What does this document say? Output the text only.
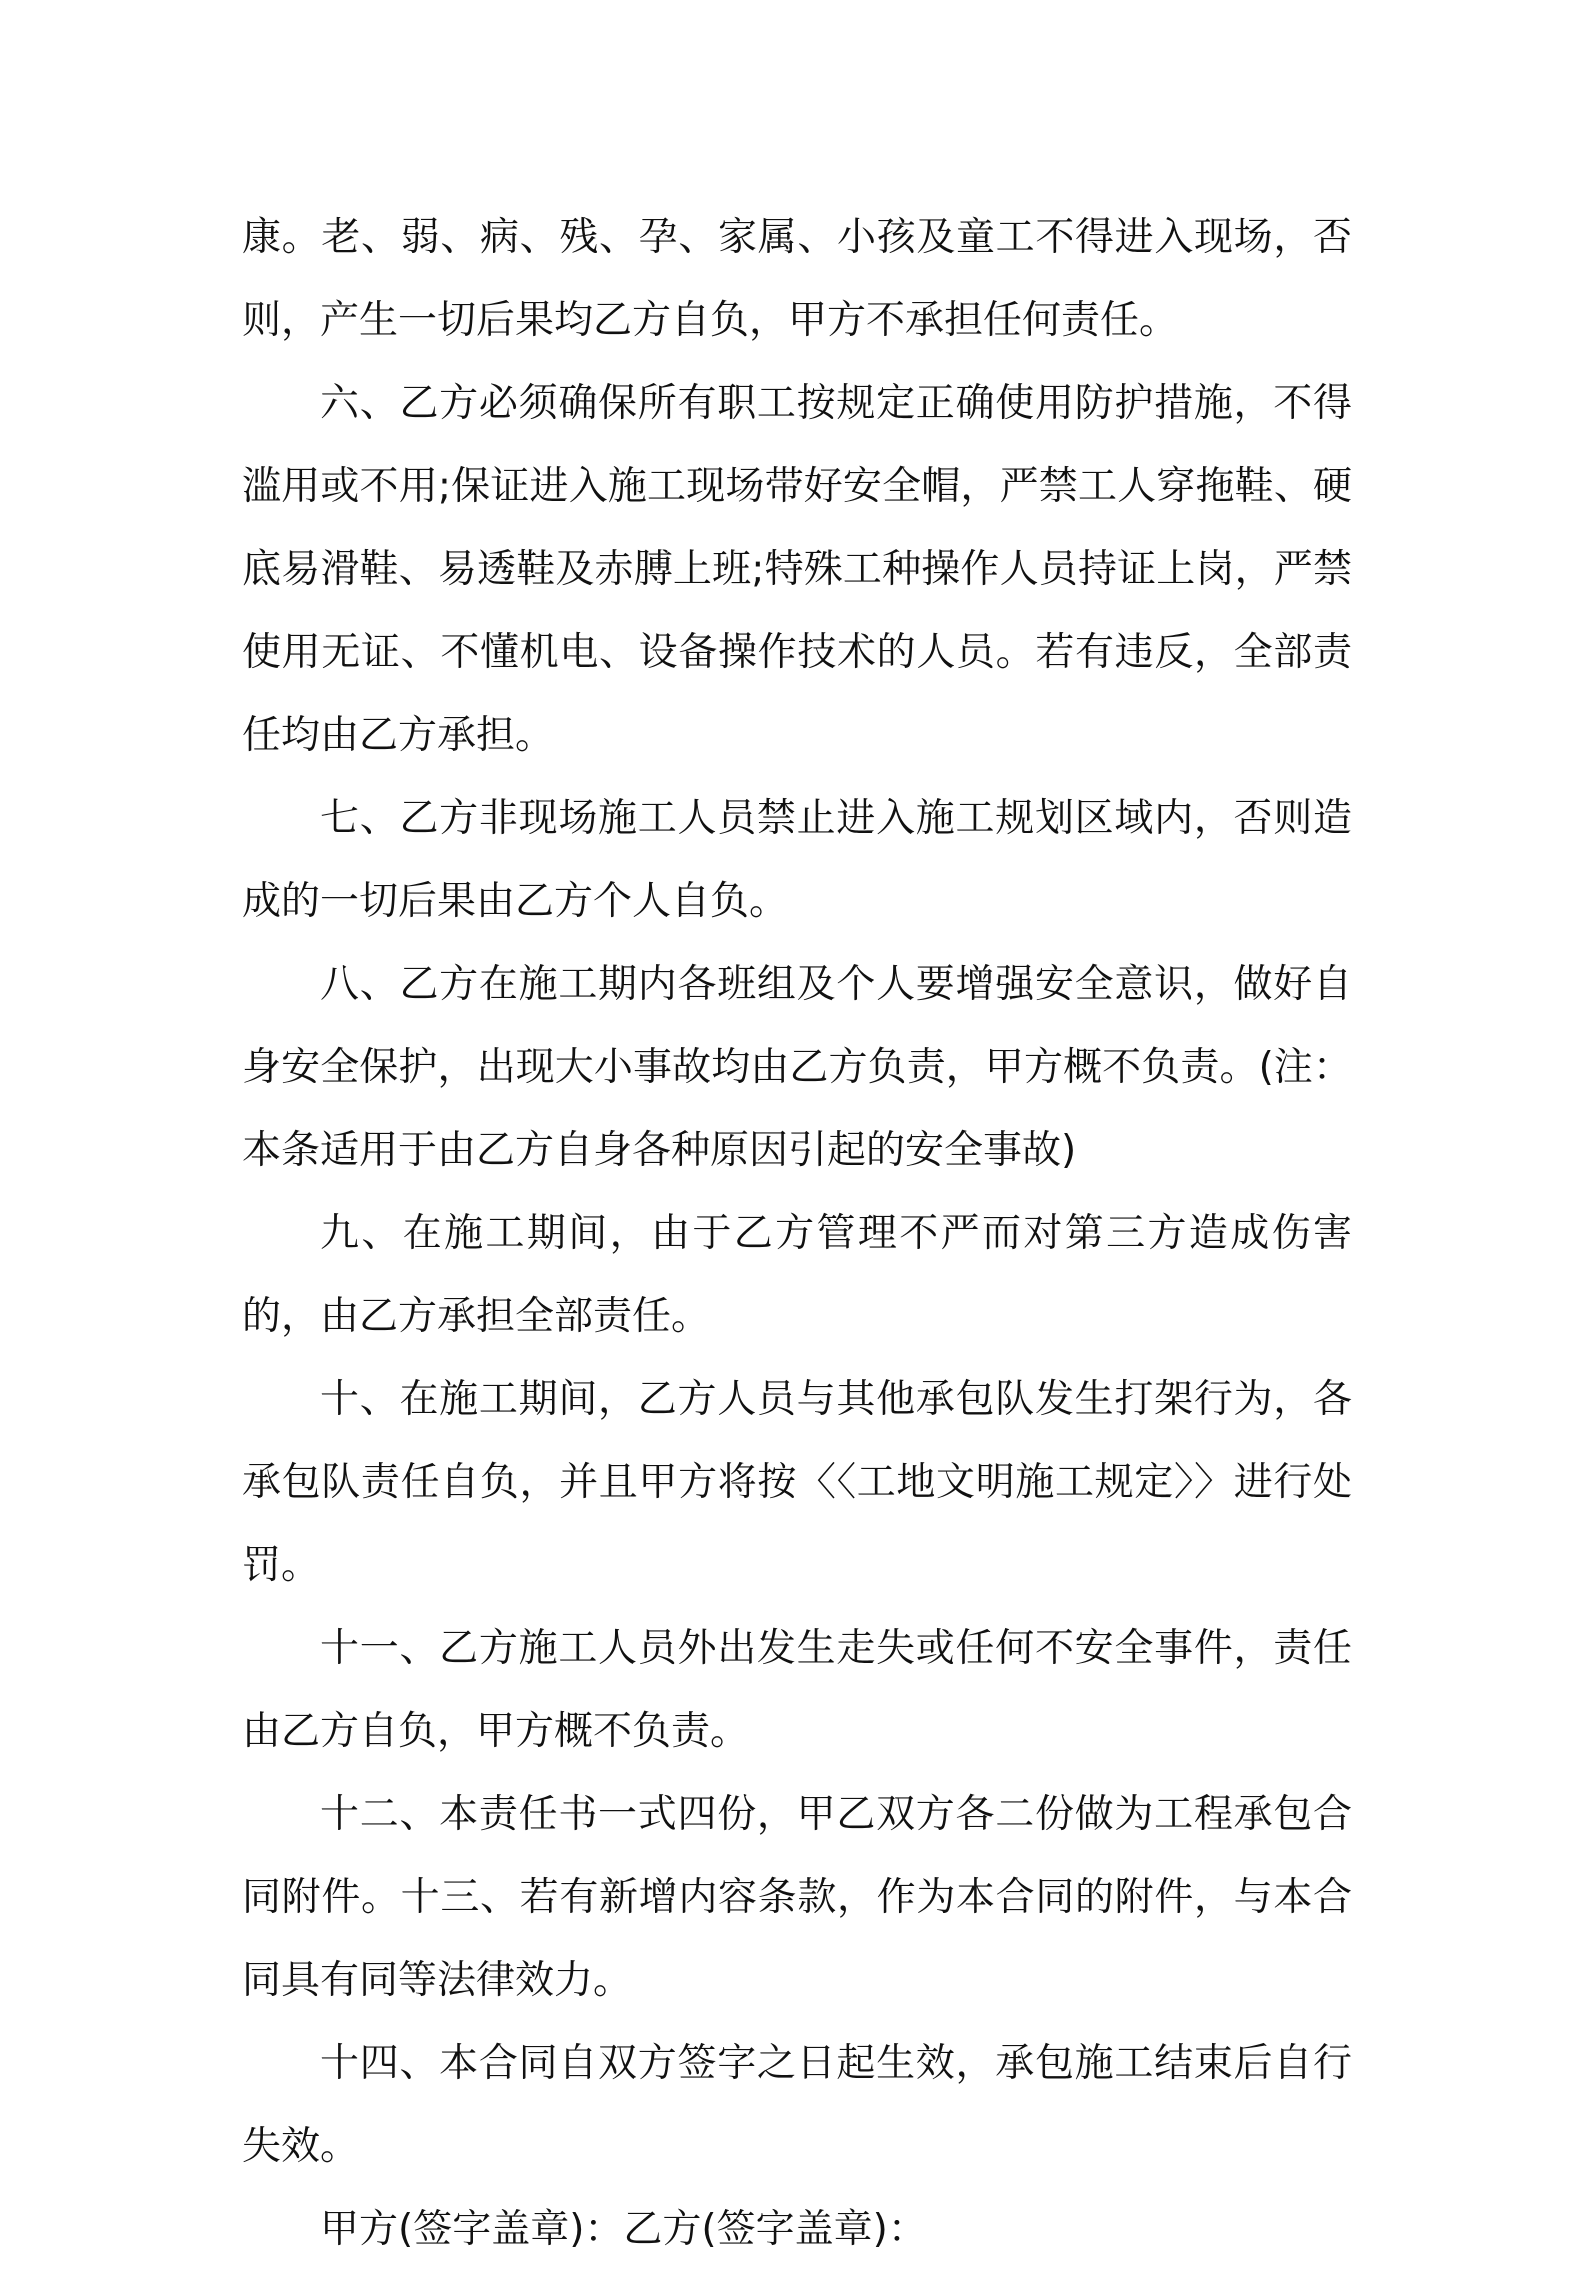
康。老、弱、病、残、孕、家属、小孩及童工不得进入现场，否则，产生一切后果均乙方自负，甲方不承担任何责任。

六、乙方必须确保所有职工按规定正确使用防护措施，不得滥用或不用;保证进入施工现场带好安全帽，严禁工人穿拖鞋、硬底易滑鞋、易透鞋及赤膊上班;特殊工种操作人员持证上岗，严禁使用无证、不懂机电、设备操作技术的人员。若有违反，全部责任均由乙方承担。

七、乙方非现场施工人员禁止进入施工规划区域内，否则造成的一切后果由乙方个人自负。

八、乙方在施工期内各班组及个人要增强安全意识，做好自身安全保护，出现大小事故均由乙方负责，甲方概不负责。(注：本条适用于由乙方自身各种原因引起的安全事故)

九、在施工期间，由于乙方管理不严而对第三方造成伤害的，由乙方承担全部责任。

十、在施工期间，乙方人员与其他承包队发生打架行为，各承包队责任自负，并且甲方将按〈〈工地文明施工规定〉〉进行处罚。

十一、乙方施工人员外出发生走失或任何不安全事件，责任由乙方自负，甲方概不负责。

十二、本责任书一式四份，甲乙双方各二份做为工程承包合同附件。十三、若有新增内容条款，作为本合同的附件，与本合同具有同等法律效力。

十四、本合同自双方签字之日起生效，承包施工结束后自行失效。

甲方(签字盖章)：乙方(签字盖章)：
